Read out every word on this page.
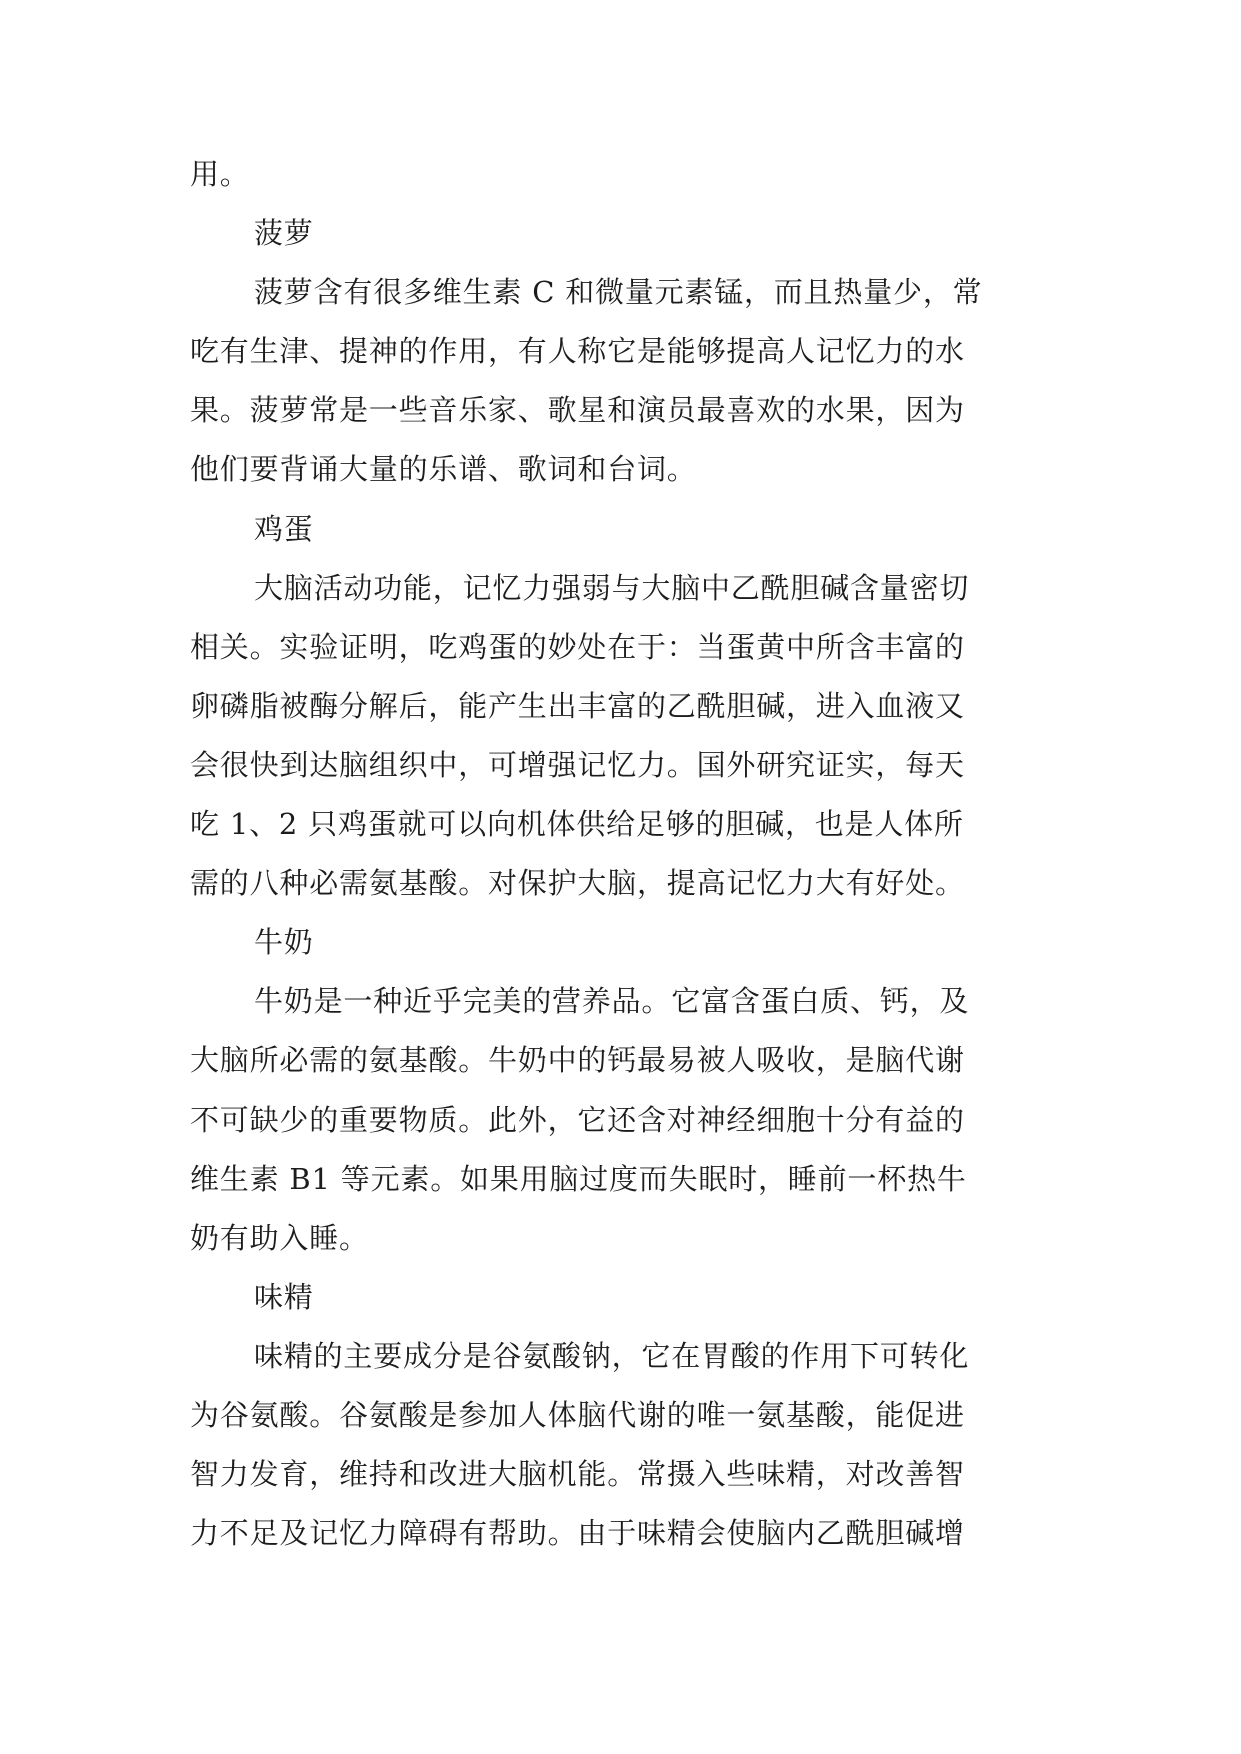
用。
菠萝
菠萝含有很多维生素 C 和微量元素锰，而且热量少，常
吃有生津、提神的作用，有人称它是能够提高人记忆力的水
果。菠萝常是一些音乐家、歌星和演员最喜欢的水果，因为
他们要背诵大量的乐谱、歌词和台词。
鸡蛋
大脑活动功能，记忆力强弱与大脑中乙酰胆碱含量密切
相关。实验证明，吃鸡蛋的妙处在于：当蛋黄中所含丰富的
卵磷脂被酶分解后，能产生出丰富的乙酰胆碱，进入血液又
会很快到达脑组织中，可增强记忆力。国外研究证实，每天
吃 1、2 只鸡蛋就可以向机体供给足够的胆碱，也是人体所
需的八种必需氨基酸。对保护大脑，提高记忆力大有好处。
牛奶
牛奶是一种近乎完美的营养品。它富含蛋白质、钙，及
大脑所必需的氨基酸。牛奶中的钙最易被人吸收，是脑代谢
不可缺少的重要物质。此外，它还含对神经细胞十分有益的
维生素 B1 等元素。如果用脑过度而失眠时，睡前一杯热牛
奶有助入睡。
味精
味精的主要成分是谷氨酸钠，它在胃酸的作用下可转化
为谷氨酸。谷氨酸是参加人体脑代谢的唯一氨基酸，能促进
智力发育，维持和改进大脑机能。常摄入些味精，对改善智
力不足及记忆力障碍有帮助。由于味精会使脑内乙酰胆碱增
